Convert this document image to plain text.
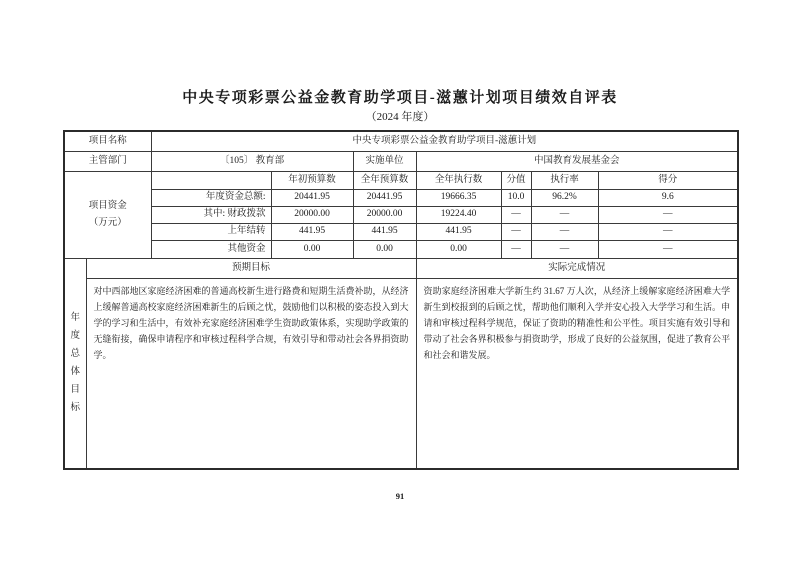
中央专项彩票公益金教育助学项目-滋蕙计划项目绩效自评表
（2024 年度）
项目名称		中央专项彩票公益金教育助学项目-滋蕙计划						
主管部门		〔105〕 教育部		实施单位	中国教育发展基金会			

项目资金
（万元）			年初预算数	全年预算数	全年执行数	分值	执行率	得分
		年度资金总额:	20441.95	20441.95	19666.35	10.0	96.2%	9.6
		其中: 财政拨款	20000.00	20000.00	19224.40	—	—	—
		上年结转	441.95	441.95	441.95	—	—	—
		其他资金	0.00	0.00	0.00	—	—	—

年度总体目标	预期目标				实际完成情况			
	对中西部地区家庭经济困难的普通高校新生进行路费和短期生活费补助，从经济上缓解普通高校家庭经济困难新生的后顾之忧，鼓励他们以积极的姿态投入到大学的学习和生活中，有效补充家庭经济困难学生资助政策体系，实现助学政策的无缝衔接，确保申请程序和审核过程科学合规，有效引导和带动社会各界捐资助学。				资助家庭经济困难大学新生约 31.67 万人次，从经济上缓解家庭经济困难大学新生到校报到的后顾之忧，帮助他们顺利入学并安心投入大学学习和生活。申请和审核过程科学规范，保证了资助的精准性和公平性。项目实施有效引导和带动了社会各界积极参与捐资助学，形成了良好的公益氛围，促进了教育公平和社会和谐发展。			
91
